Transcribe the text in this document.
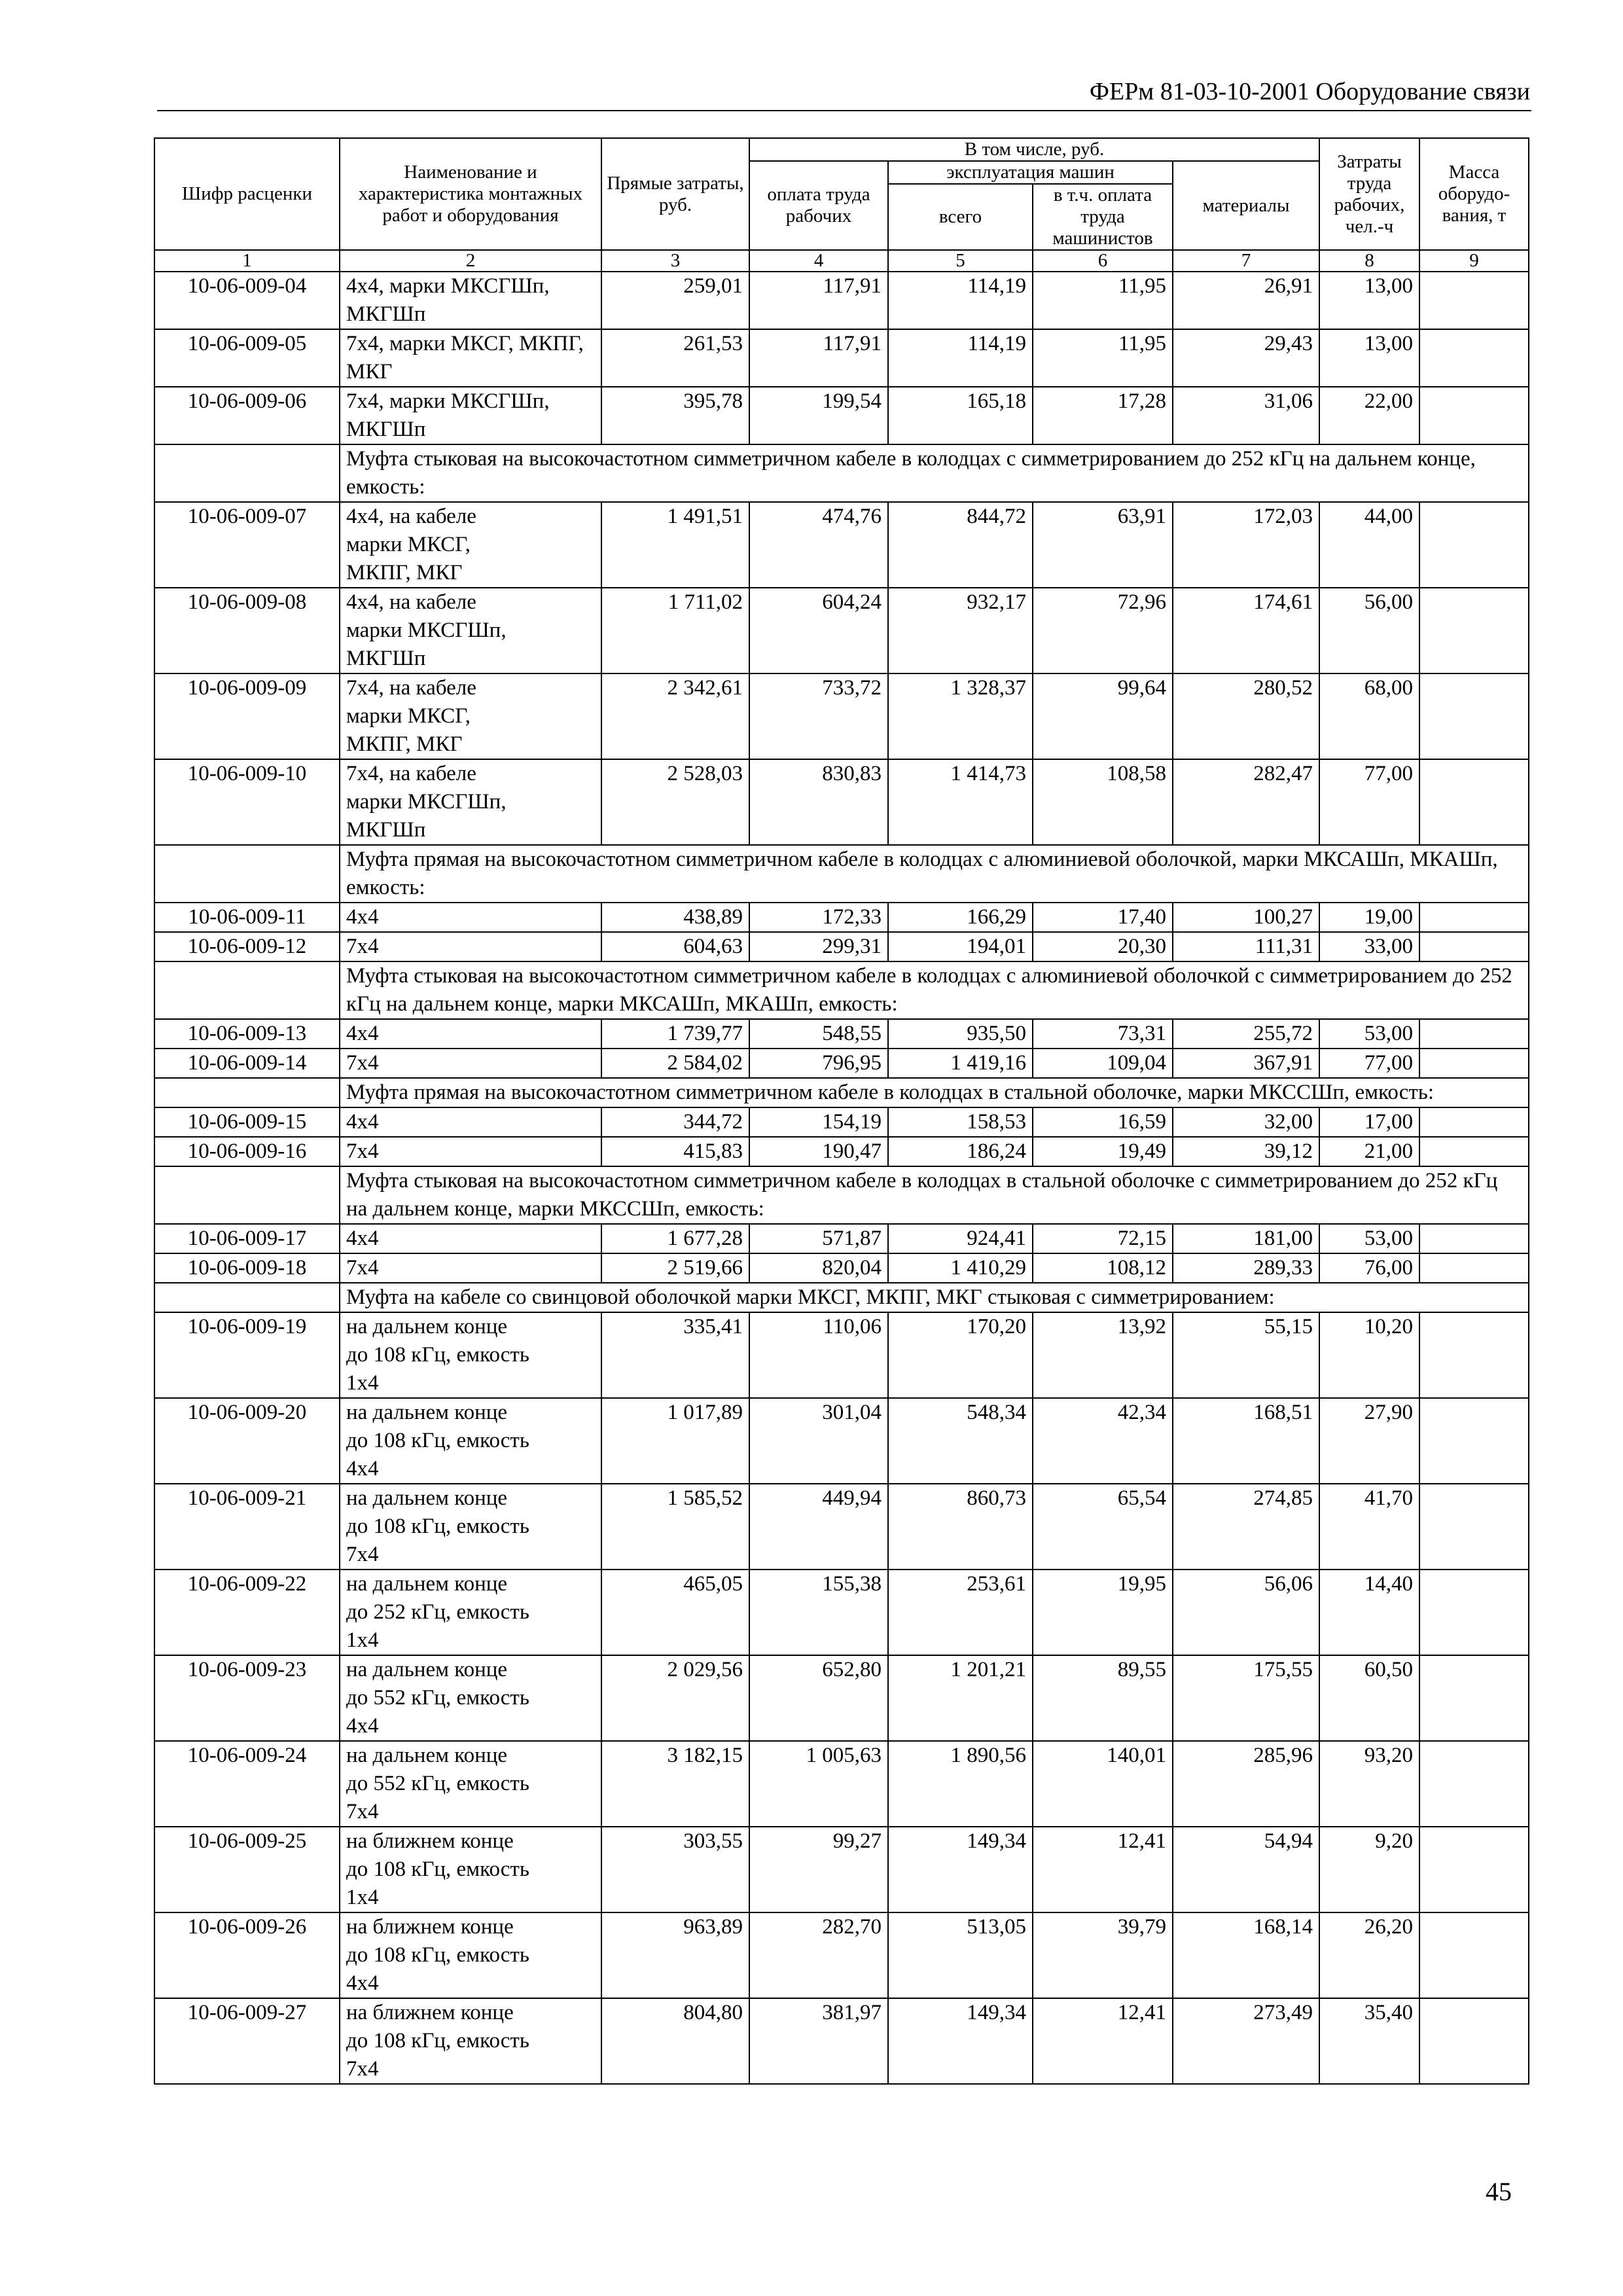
ФЕРм 81-03-10-2001 Оборудование связи
Шифр расценки	Наименование и характеристика монтажных работ и оборудования	Прямые затраты, руб.	В том числе, руб.				Затраты труда рабочих, чел.-ч	Масса оборудо-вания, т
			оплата труда рабочих	эксплуатация машин		материалы		
				всего	в т.ч. оплата труда машинистов			
1	2	3	4	5	6	7	8	9
10-06-009-04	4х4, марки МКСГШп, МКГШп	259,01	117,91	114,19	11,95	26,91	13,00	
10-06-009-05	7х4, марки МКСГ, МКПГ, МКГ	261,53	117,91	114,19	11,95	29,43	13,00	
10-06-009-06	7х4, марки МКСГШп, МКГШп	395,78	199,54	165,18	17,28	31,06	22,00	
	Муфта стыковая на высокочастотном симметричном кабеле в колодцах с симметрированием до 252 кГц на дальнем конце, емкость:							
10-06-009-07	4х4, на кабеле
марки МКСГ,
МКПГ, МКГ	1 491,51	474,76	844,72	63,91	172,03	44,00	
10-06-009-08	4х4, на кабеле
марки МКСГШп,
МКГШп	1 711,02	604,24	932,17	72,96	174,61	56,00	
10-06-009-09	7х4, на кабеле
марки МКСГ,
МКПГ, МКГ	2 342,61	733,72	1 328,37	99,64	280,52	68,00	
10-06-009-10	7х4, на кабеле
марки МКСГШп,
МКГШп	2 528,03	830,83	1 414,73	108,58	282,47	77,00	
	Муфта прямая на высокочастотном симметричном кабеле в колодцах с алюминиевой оболочкой, марки МКСАШп, МКАШп, емкость:							
10-06-009-11	4х4	438,89	172,33	166,29	17,40	100,27	19,00	
10-06-009-12	7х4	604,63	299,31	194,01	20,30	111,31	33,00	
	Муфта стыковая на высокочастотном симметричном кабеле в колодцах с алюминиевой оболочкой с симметрированием до 252 кГц на дальнем конце, марки МКСАШп, МКАШп, емкость:							
10-06-009-13	4х4	1 739,77	548,55	935,50	73,31	255,72	53,00	
10-06-009-14	7х4	2 584,02	796,95	1 419,16	109,04	367,91	77,00	
	Муфта прямая на высокочастотном симметричном кабеле в колодцах в стальной оболочке, марки МКССШп, емкость:							
10-06-009-15	4х4	344,72	154,19	158,53	16,59	32,00	17,00	
10-06-009-16	7х4	415,83	190,47	186,24	19,49	39,12	21,00	
	Муфта стыковая на высокочастотном симметричном кабеле в колодцах в стальной оболочке с симметрированием до 252 кГц на дальнем конце, марки МКССШп, емкость:							
10-06-009-17	4х4	1 677,28	571,87	924,41	72,15	181,00	53,00	
10-06-009-18	7х4	2 519,66	820,04	1 410,29	108,12	289,33	76,00	
	Муфта на кабеле со свинцовой оболочкой марки МКСГ, МКПГ, МКГ стыковая с симметрированием:							
10-06-009-19	на дальнем конце
до 108 кГц, емкость
1х4	335,41	110,06	170,20	13,92	55,15	10,20	
10-06-009-20	на дальнем конце
до 108 кГц, емкость
4х4	1 017,89	301,04	548,34	42,34	168,51	27,90	
10-06-009-21	на дальнем конце
до 108 кГц, емкость
7х4	1 585,52	449,94	860,73	65,54	274,85	41,70	
10-06-009-22	на дальнем конце
до 252 кГц, емкость
1х4	465,05	155,38	253,61	19,95	56,06	14,40	
10-06-009-23	на дальнем конце
до 552 кГц, емкость
4х4	2 029,56	652,80	1 201,21	89,55	175,55	60,50	
10-06-009-24	на дальнем конце
до 552 кГц, емкость
7х4	3 182,15	1 005,63	1 890,56	140,01	285,96	93,20	
10-06-009-25	на ближнем конце
до 108 кГц, емкость
1х4	303,55	99,27	149,34	12,41	54,94	9,20	
10-06-009-26	на ближнем конце
до 108 кГц, емкость
4х4	963,89	282,70	513,05	39,79	168,14	26,20	
10-06-009-27	на ближнем конце
до 108 кГц, емкость
7х4	804,80	381,97	149,34	12,41	273,49	35,40	
45
